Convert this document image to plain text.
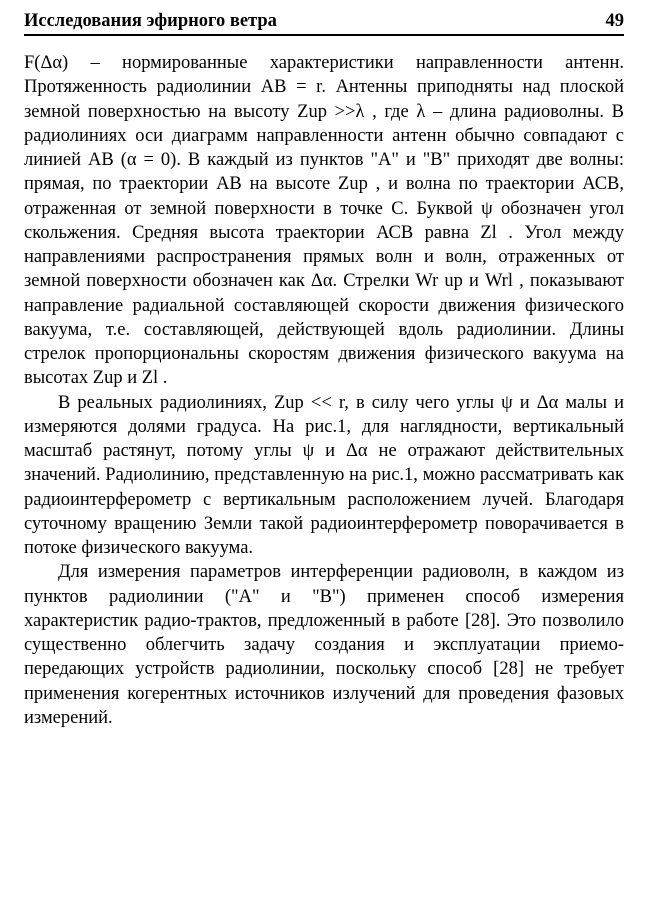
Исследования эфирного ветра	49

F(Δα) – нормированные характеристики направленности антенн. Протяженность радиолинии АВ = r. Антенны приподняты над плоской земной поверхностью на высоту Zup >>λ , где λ – длина радиоволны. В радиолиниях оси диаграмм направленности антенн обычно совпадают с линией АВ (α = 0). В каждый из пунктов "А" и "В" приходят две волны: прямая, по траектории АВ на высоте Zup , и волна по траектории АСВ, отраженная от земной поверхности в точке С. Буквой ψ обозначен угол скольжения. Средняя высота траектории АСВ равна Zl . Угол между направлениями распространения прямых волн и волн, отраженных от земной поверхности обозначен как Δα. Стрелки Wr up и Wrl , показывают направление радиальной составляющей скорости движения физического вакуума, т.е. составляющей, действующей вдоль радиолинии. Длины стрелок пропорциональны скоростям движения физического вакуума на высотах Zup и Zl .

В реальных радиолиниях, Zup << r, в силу чего углы ψ и Δα малы и измеряются долями градуса. На рис.1, для наглядности, вертикальный масштаб растянут, потому углы ψ и Δα не отражают действительных значений. Радиолинию, представленную на рис.1, можно рассматривать как радиоинтерферометр с вертикальным расположением лучей. Благодаря суточному вращению Земли такой радиоинтерферометр поворачивается в потоке физического вакуума.

Для измерения параметров интерференции радиоволн, в каждом из пунктов радиолинии ("А" и "В") применен способ измерения характеристик радио-трактов, предложенный в работе [28]. Это позволило существенно облегчить задачу создания и эксплуатации приемо-передающих устройств радиолинии, поскольку способ [28] не требует применения когерентных источников излучений для проведения фазовых измерений.
